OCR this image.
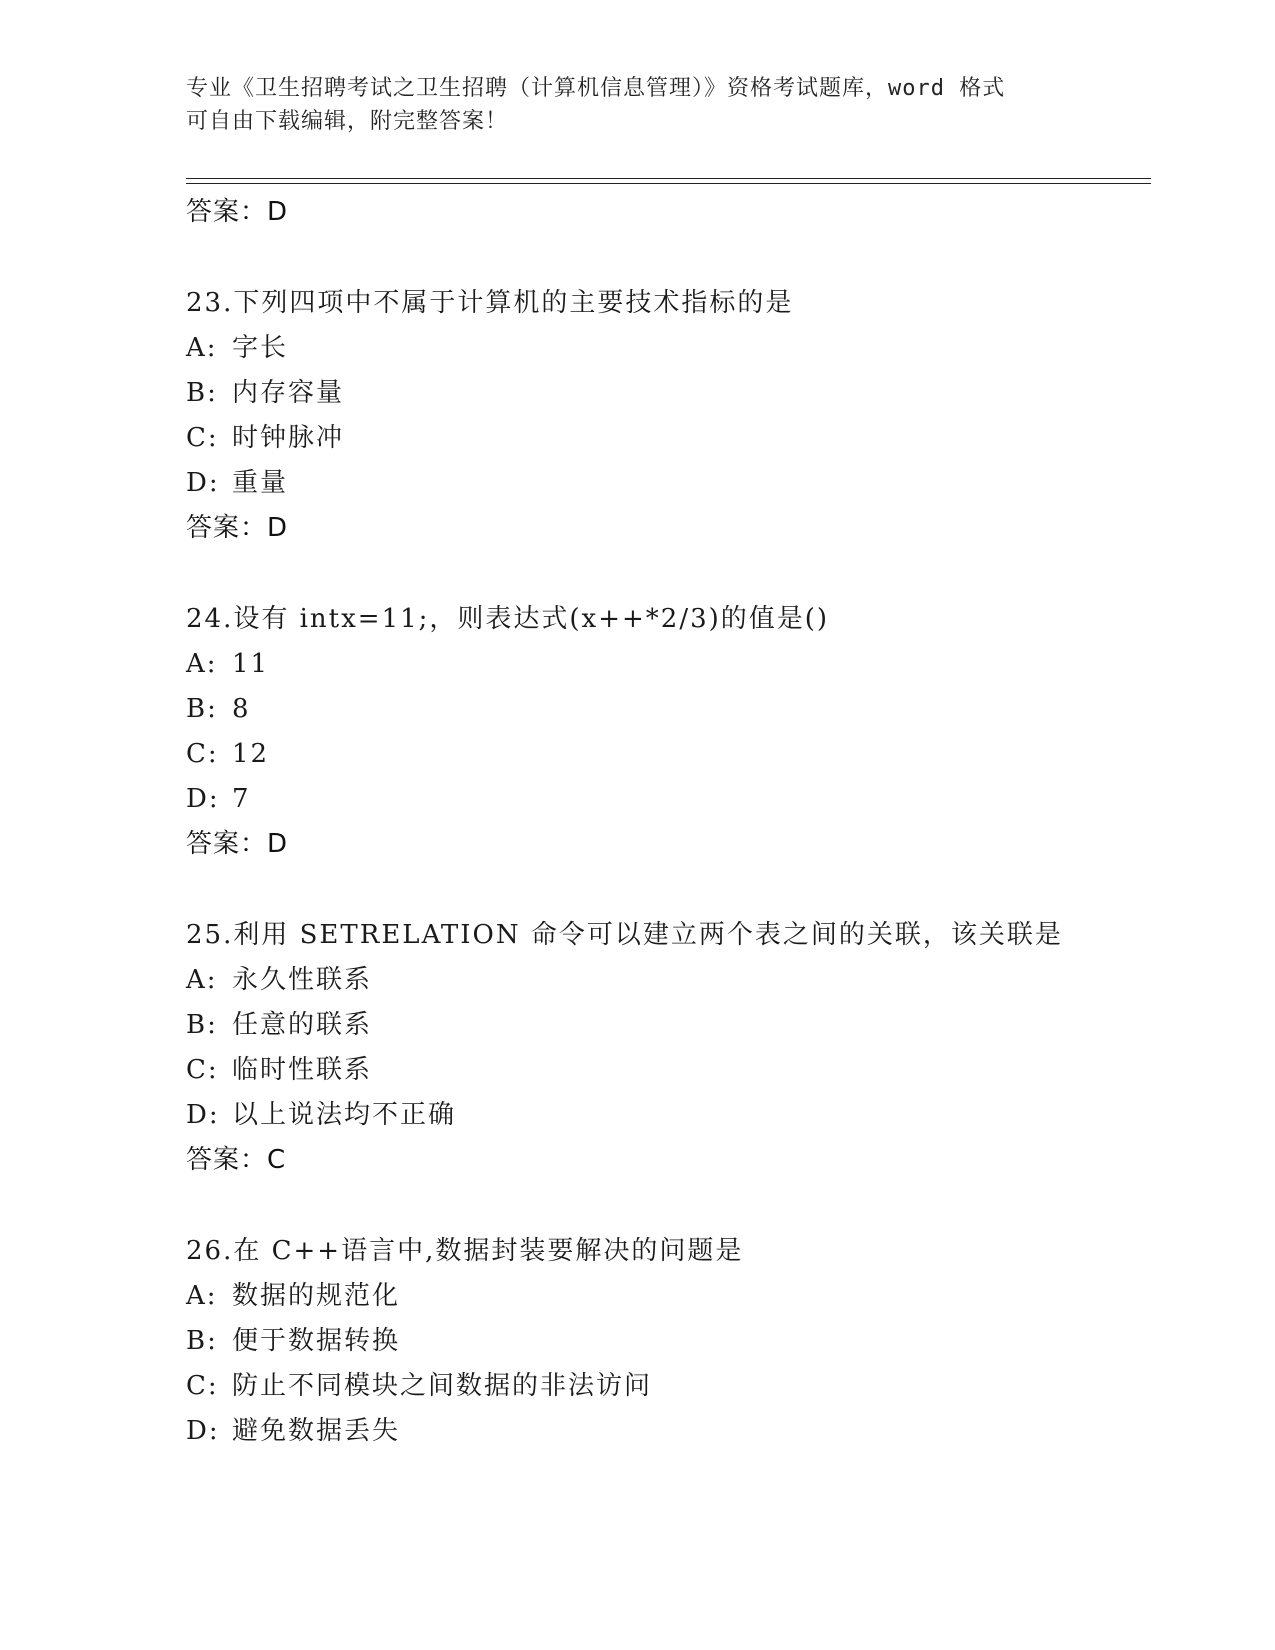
专业《卫生招聘考试之卫生招聘（计算机信息管理）》资格考试题库，word 格式
可自由下载编辑，附完整答案！
答案：D
23.下列四项中不属于计算机的主要技术指标的是
A: 字长
B: 内存容量
C: 时钟脉冲
D: 重量
答案：D
24.设有 intx=11;，则表达式(x++*2/3)的值是()
A: 11
B: 8
C: 12
D: 7
答案：D
25.利用 SETRELATION 命令可以建立两个表之间的关联，该关联是
A: 永久性联系
B: 任意的联系
C: 临时性联系
D: 以上说法均不正确
答案：C
26.在 C++语言中,数据封装要解决的问题是
A: 数据的规范化
B: 便于数据转换
C: 防止不同模块之间数据的非法访问
D: 避免数据丢失
